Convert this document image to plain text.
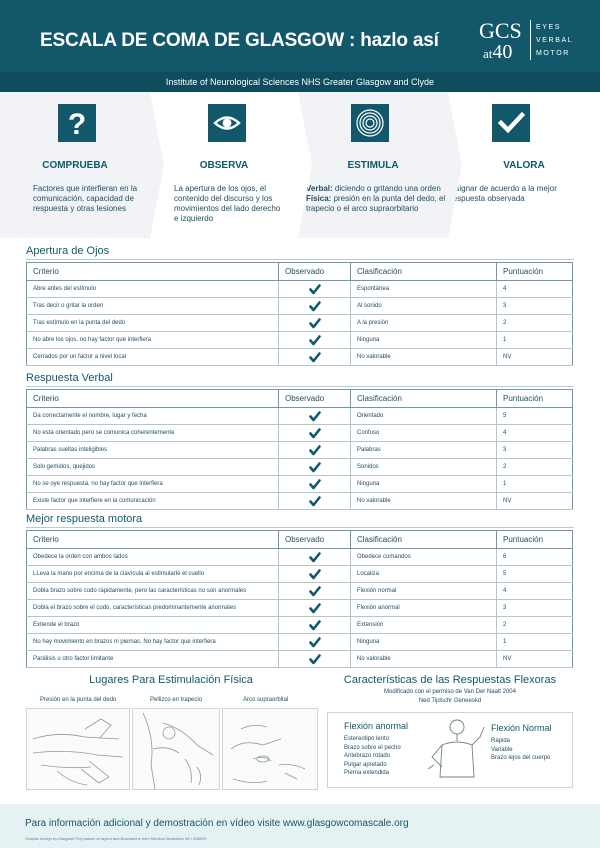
ESCALA DE COMA DE GLASGOW : hazlo así GCS
at40
EYES
VERBAL
MOTOR
Institute of Neurological Sciences NHS Greater Glasgow and Clyde
?
COMPRUEBA
Factores que interfieran en la comunicación, capacidad de respuesta y otras lesiones
OBSERVA
La apertura de los ojos, el contenido del discurso y los movimientos del lado derecho e izquierdo
ESTIMULA
Verbal: diciendo o gritando una orden
Física: presión en la punta del dedo, el trapecio o el arco supraorbitario
VALORA
Asignar de acuerdo a la mejor respuesta observada
Apertura de Ojos
Criterio	Observado	Clasificación	Puntuación
Abre antes del estímulo		Espontánea	4
Tras decir o gritar la orden		Al sonido	3
Tras estímulo en la punta del dedo		A la presión	2
No abre los ojos, no hay factor que interfiera		Ninguna	1
Cerrados por un factor a nivel local		No valorable	NV
Respuesta Verbal
Criterio	Observado	Clasificación	Puntuación
Da correctamente el nombre, lugar y fecha		Orientado	5
No está orientado pero se comunica coherentemente		Confuso	4
Palabras sueltas inteligibles		Palabras	3
Solo gemidos, quejidos		Sonidos	2
No se oye respuesta, no hay factor que interfiera		Ninguna	1
Existe factor que interfiere en la comunicación		No valorable	NV
Mejor respuesta motora
Criterio	Observado	Clasificación	Puntuación
Obedece la orden con ambos lados		Obedece comandos	6
LLeva la mano por encima de la clavícula al estimularle el cuello		Localiza	5
Dobla brazo sobre codo rápidamente, pero las características no son anormales		Flexión normal	4
Dobla el brazo sobre el codo, características predominantemente anormales		Flexión anormal	3
Extiende el brazo		Extensión	2
No hay movimiento en brazos ni piernas. No hay factor que interfiera		Ninguna	1
Parálisis u otro factor limitante		No valorable	NV
Lugares Para Estimulación Física
Presión en la punta del dedo	Pellizco en trapecio	Arco supraorbital
Características de las Respuestas Flexoras
Modificado con el permiso de Van Der Naalt 2004
Ned Tijdschr Geneeskd
Flexión anormal
Estereotipo lento
Brazo sobre el pecho
Antebrazo rotado
Pulgar apretado
Pierna extendida
Flexión Normal
Rápida
Variable
Brazo lejos del cuerpo
Para información adicional y demostración en vídeo visite www.glasgowcomascale.org
Graphic design by Margaret Frej based on layout and illustrations from Medical Illustration MI • 268093
